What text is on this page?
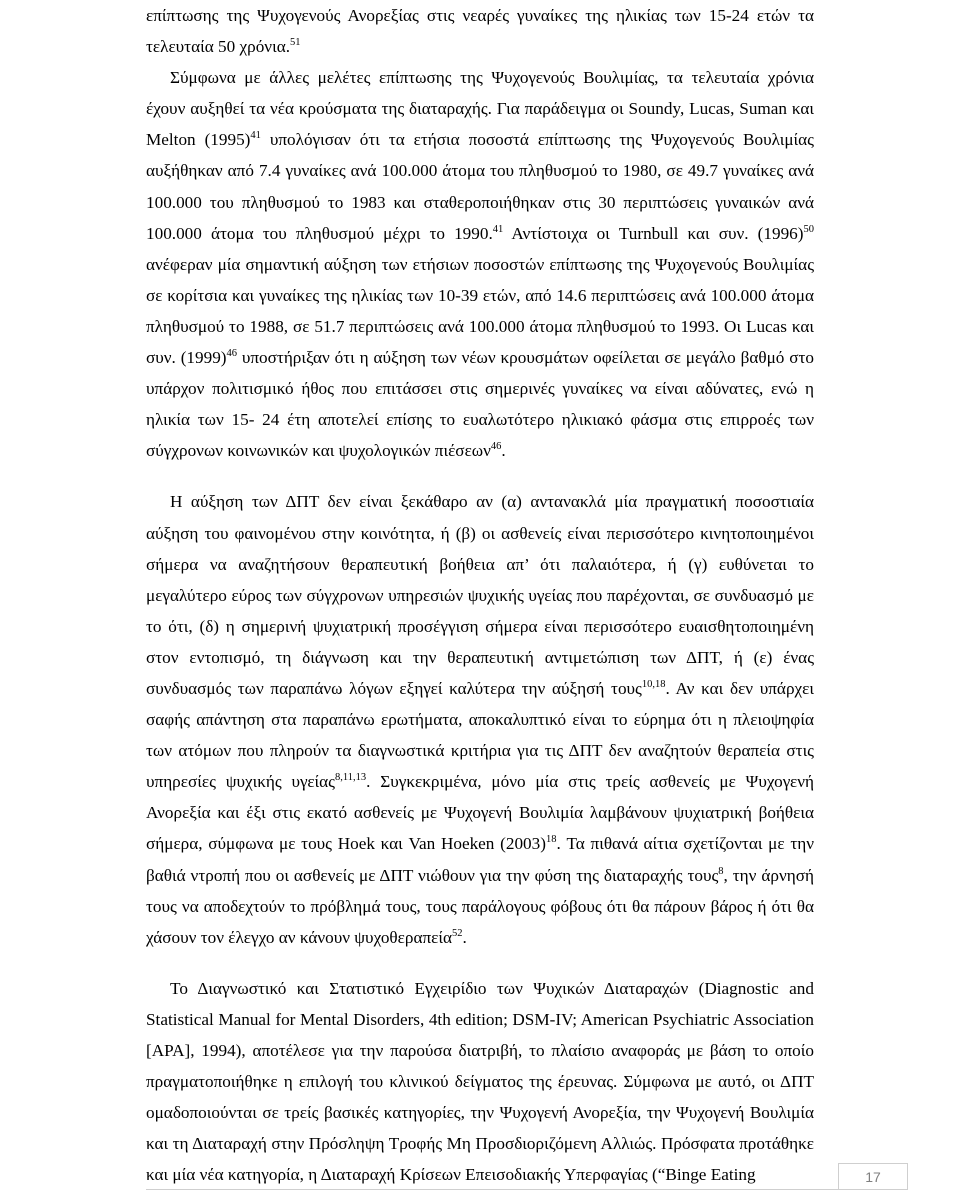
επίπτωσης της Ψυχογενούς Ανορεξίας στις νεαρές γυναίκες της ηλικίας των 15-24 ετών τα τελευταία 50 χρόνια.$^{51}$

Σύμφωνα με άλλες μελέτες επίπτωσης της Ψυχογενούς Βουλιμίας, τα τελευταία χρόνια έχουν αυξηθεί τα νέα κρούσματα της διαταραχής. Για παράδειγμα οι Soundy, Lucas, Suman και Melton $(1995)^{41}$ υπολόγισαν ότι τα ετήσια ποσοστά επίπτωσης της Ψυχογενούς Βουλιμίας αυξήθηκαν από 7.4 γυναίκες ανά 100.000 άτομα του πληθυσμού το 1980, σε 49.7 γυναίκες ανά 100.000 του πληθυσμού το 1983 και σταθεροποιήθηκαν στις 30 περιπτώσεις γυναικών ανά 100.000 άτομα του πληθυσμού μέχρι το 1990.41 Αντίστοιχα οι Turnbull και συν. $(1996)^{50}$ ανέφεραν μία σημαντική αύξηση των ετήσιων ποσοστών επίπτωσης της Ψυχογενούς Βουλιμίας σε κορίτσια και γυναίκες της ηλικίας των 10-39 ετών, από 14.6 περιπτώσεις ανά 100.000 άτομα πληθυσμού το 1988, σε 51.7 περιπτώσεις ανά 100.000 άτομα πληθυσμού το 1993. Οι Lucas και συν. $(1999)^{46}$ υποστήριξαν ότι η αύξηση των νέων κρουσμάτων οφείλεται σε μεγάλο βαθμό στο υπάρχον πολιτισμικό ήθος που επιτάσσει στις σημερινές γυναίκες να είναι αδύνατες, ενώ η ηλικία των 15- 24 έτη αποτελεί επίσης το ευαλωτότερο ηλικιακό φάσμα στις επιρροές των σύγχρονων κοινωνικών και ψυχολογικών πιέσεων$^{46}$.

Η αύξηση των ΔΠΤ δεν είναι ξεκάθαρο αν (α) αντανακλά μία πραγματική ποσοστιαία αύξηση του φαινομένου στην κοινότητα, ή (β) οι ασθενείς είναι περισσότερο κινητοποιημένοι σήμερα να αναζητήσουν θεραπευτική βοήθεια απ’ ότι παλαιότερα, ή (γ) ευθύνεται το μεγαλύτερο εύρος των σύγχρονων υπηρεσιών ψυχικής υγείας που παρέχονται, σε συνδυασμό με το ότι, (δ) η σημερινή ψυχιατρική προσέγγιση σήμερα είναι περισσότερο ευαισθητοποιημένη στον εντοπισμό, τη διάγνωση και την θεραπευτική αντιμετώπιση των ΔΠΤ, ή (ε) ένας συνδυασμός των παραπάνω λόγων εξηγεί καλύτερα την αύξησή τους$^{10,18}$. Αν και δεν υπάρχει σαφής απάντηση στα παραπάνω ερωτήματα, αποκαλυπτικό είναι το εύρημα ότι η πλειοψηφία των ατόμων που πληρούν τα διαγνωστικά κριτήρια για τις ΔΠΤ δεν αναζητούν θεραπεία στις υπηρεσίες ψυχικής υγείας$^{8,11,13}$. Συγκεκριμένα, μόνο μία στις τρείς ασθενείς με Ψυχογενή Ανορεξία και έξι στις εκατό ασθενείς με Ψυχογενή Βουλιμία λαμβάνουν ψυχιατρική βοήθεια σήμερα, σύμφωνα με τους Hoek και Van Hoeken $(2003)^{18}$. Τα πιθανά αίτια σχετίζονται με την βαθιά ντροπή που οι ασθενείς με ΔΠΤ νιώθουν για την φύση της διαταραχής τους$^8$, την άρνησή τους να αποδεχτούν το πρόβλημά τους, τους παράλογους φόβους ότι θα πάρουν βάρος ή ότι θα χάσουν τον έλεγχο αν κάνουν ψυχοθεραπεία$^{52}$.

Το Διαγνωστικό και Στατιστικό Εγχειρίδιο των Ψυχικών Διαταραχών (Diagnostic and Statistical Manual for Mental Disorders, 4th edition; DSM-IV; American Psychiatric Association [APA], 1994), αποτέλεσε για την παρούσα διατριβή, το πλαίσιο αναφοράς με βάση το οποίο πραγματοποιήθηκε η επιλογή του κλινικού δείγματος της έρευνας. Σύμφωνα με αυτό, οι ΔΠΤ ομαδοποιούνται σε τρείς βασικές κατηγορίες, την Ψυχογενή Ανορεξία, την Ψυχογενή Βουλιμία και τη Διαταραχή στην Πρόσληψη Τροφής Μη Προσδιοριζόμενη Αλλιώς. Πρόσφατα προτάθηκε και μία νέα κατηγορία, η Διαταραχή Κρίσεων Επεισοδιακής Υπερφαγίας (“Binge Eating	17
